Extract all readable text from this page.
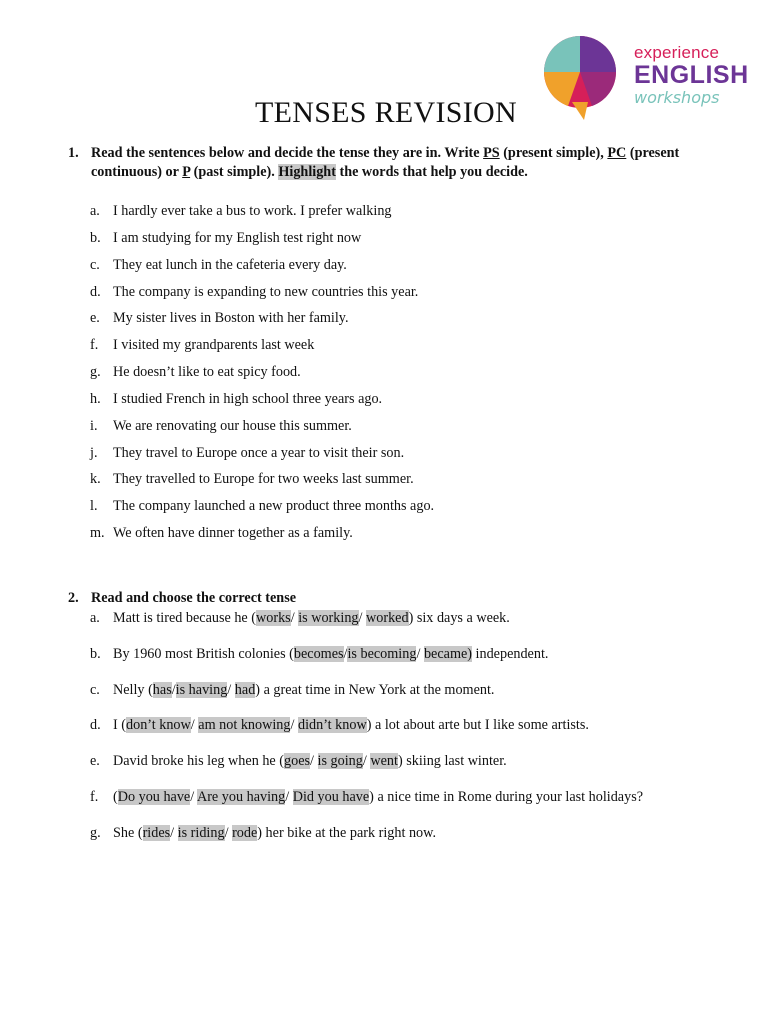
experience
ENGLISH
workshops
TENSES REVISION
1. Read the sentences below and decide the tense they are in. Write PS (present simple), PC (present continuous) or P (past simple). Highlight the words that help you decide.
a. I hardly ever take a bus to work. I prefer walking
b. I am studying for my English test right now
c. They eat lunch in the cafeteria every day.
d. The company is expanding to new countries this year.
e. My sister lives in Boston with her family.
f. I visited my grandparents last week
g. He doesn’t like to eat spicy food.
h. I studied French in high school three years ago.
i. We are renovating our house this summer.
j. They travel to Europe once a year to visit their son.
k. They travelled to Europe for two weeks last summer.
l. The company launched a new product three months ago.
m. We often have dinner together as a family.
2. Read and choose the correct tense
a. Matt is tired because he (works/ is working/ worked) six days a week.
b. By 1960 most British colonies (becomes/is becoming/ became) independent.
c. Nelly (has/is having/ had) a great time in New York at the moment.
d. I (don’t know/ am not knowing/ didn’t know) a lot about arte but I like some artists.
e. David broke his leg when he (goes/ is going/ went) skiing last winter.
f. (Do you have/ Are you having/ Did you have) a nice time in Rome during your last holidays?
g. She (rides/ is riding/ rode) her bike at the park right now.
